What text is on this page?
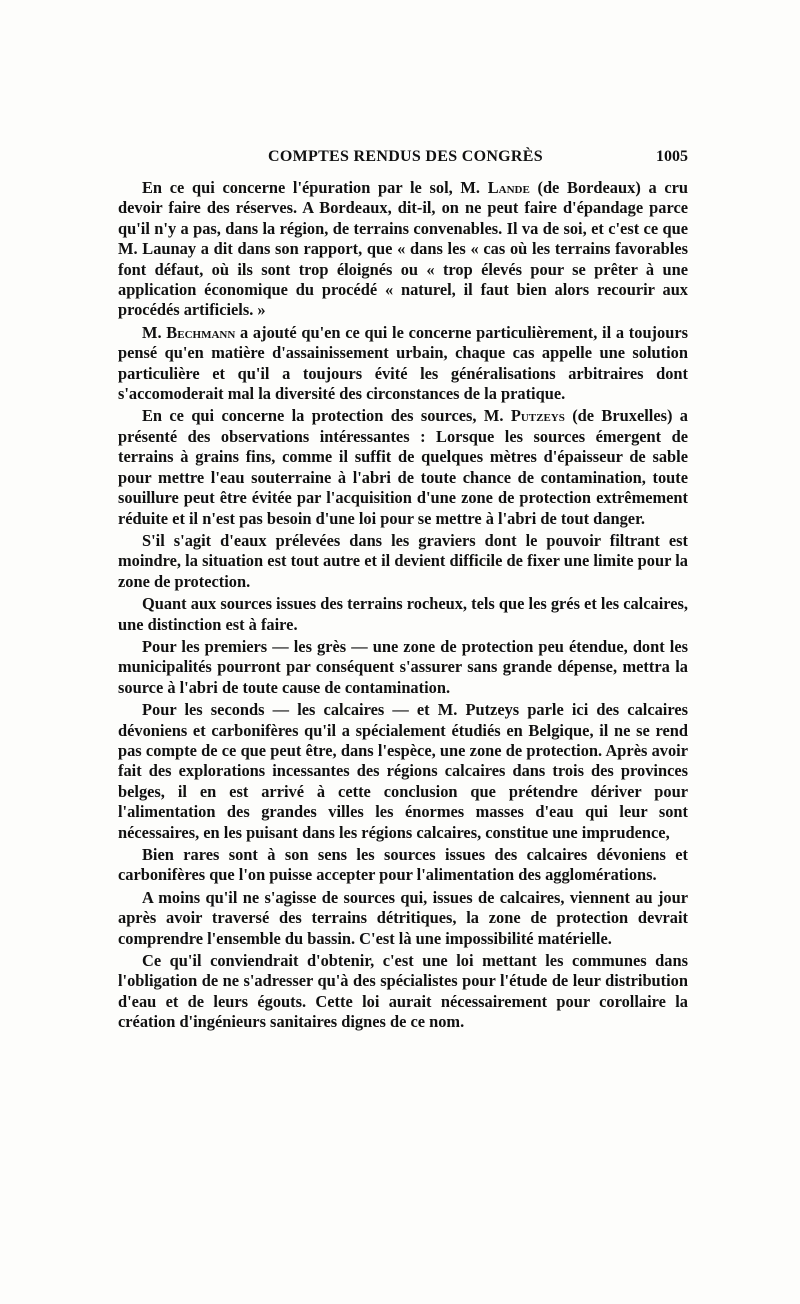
COMPTES RENDUS DES CONGRÈS	1005

En ce qui concerne l'épuration par le sol, M. Lande (de Bordeaux) a cru devoir faire des réserves. A Bordeaux, dit-il, on ne peut faire d'épandage parce qu'il n'y a pas, dans la région, de terrains convenables. Il va de soi, et c'est ce que M. Launay a dit dans son rapport, que « dans les « cas où les terrains favorables font défaut, où ils sont trop éloignés ou « trop élevés pour se prêter à une application économique du procédé « naturel, il faut bien alors recourir aux procédés artificiels. »

M. Bechmann a ajouté qu'en ce qui le concerne particulièrement, il a toujours pensé qu'en matière d'assainissement urbain, chaque cas appelle une solution particulière et qu'il a toujours évité les généralisations arbitraires dont s'accomoderait mal la diversité des circonstances de la pratique.

En ce qui concerne la protection des sources, M. Putzeys (de Bruxelles) a présenté des observations intéressantes : Lorsque les sources émergent de terrains à grains fins, comme il suffit de quelques mètres d'épaisseur de sable pour mettre l'eau souterraine à l'abri de toute chance de contamination, toute souillure peut être évitée par l'acquisition d'une zone de protection extrêmement réduite et il n'est pas besoin d'une loi pour se mettre à l'abri de tout danger.

S'il s'agit d'eaux prélevées dans les graviers dont le pouvoir filtrant est moindre, la situation est tout autre et il devient difficile de fixer une limite pour la zone de protection.

Quant aux sources issues des terrains rocheux, tels que les grés et les calcaires, une distinction est à faire.

Pour les premiers — les grès — une zone de protection peu étendue, dont les municipalités pourront par conséquent s'assurer sans grande dépense, mettra la source à l'abri de toute cause de contamination.

Pour les seconds — les calcaires — et M. Putzeys parle ici des calcaires dévoniens et carbonifères qu'il a spécialement étudiés en Belgique, il ne se rend pas compte de ce que peut être, dans l'espèce, une zone de protection. Après avoir fait des explorations incessantes des régions calcaires dans trois des provinces belges, il en est arrivé à cette conclusion que prétendre dériver pour l'alimentation des grandes villes les énormes masses d'eau qui leur sont nécessaires, en les puisant dans les régions calcaires, constitue une imprudence,

Bien rares sont à son sens les sources issues des calcaires dévoniens et carbonifères que l'on puisse accepter pour l'alimentation des agglomérations.

A moins qu'il ne s'agisse de sources qui, issues de calcaires, viennent au jour après avoir traversé des terrains détritiques, la zone de protection devrait comprendre l'ensemble du bassin. C'est là une impossibilité matérielle.

Ce qu'il conviendrait d'obtenir, c'est une loi mettant les communes dans l'obligation de ne s'adresser qu'à des spécialistes pour l'étude de leur distribution d'eau et de leurs égouts. Cette loi aurait nécessairement pour corollaire la création d'ingénieurs sanitaires dignes de ce nom.
